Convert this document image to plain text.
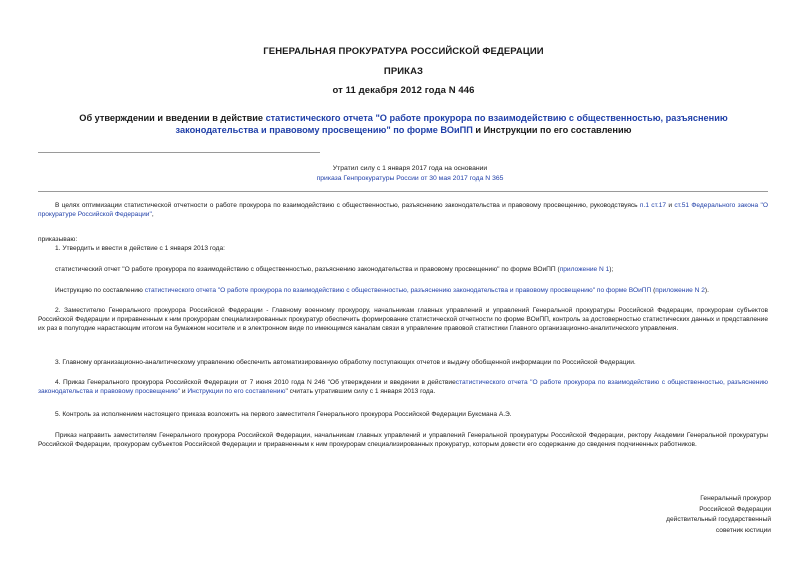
ГЕНЕРАЛЬНАЯ ПРОКУРАТУРА РОССИЙСКОЙ ФЕДЕРАЦИИ
ПРИКАЗ
от 11 декабря 2012 года N 446
Об утверждении и введении в действие статистического отчета "О работе прокурора по взаимодействию с общественностью, разъяснению законодательства и правовому просвещению" по форме ВОиПП и Инструкции по его составлению
Утратил силу с 1 января 2017 года на основании
приказа Генпрокуратуры России от 30 мая 2017 года N 365
В целях оптимизации статистической отчетности о работе прокурора по взаимодействию с общественностью, разъяснению законодательства и правовому просвещению, руководствуясь п.1 ст.17 и ст.51 Федерального закона "О прокуратуре Российской Федерации",
приказываю:
1. Утвердить и ввести в действие с 1 января 2013 года:
статистический отчет "О работе прокурора по взаимодействию с общественностью, разъяснению законодательства и правовому просвещению" по форме ВОиПП (приложение N 1);
Инструкцию по составлению статистического отчета "О работе прокурора по взаимодействию с общественностью, разъяснению законодательства и правовому просвещению" по форме ВОиПП (приложение N 2).
2. Заместителю Генерального прокурора Российской Федерации - Главному военному прокурору, начальникам главных управлений и управлений Генеральной прокуратуры Российской Федерации, прокурорам субъектов Российской Федерации и приравненным к ним прокурорам специализированных прокуратур обеспечить формирование статистической отчетности по форме ВОиПП, контроль за достоверностью статистических данных и представление их раз в полугодие нарастающим итогом на бумажном носителе и в электронном виде по имеющимся каналам связи в управление правовой статистики Главного организационно-аналитического управления.
3. Главному организационно-аналитическому управлению обеспечить автоматизированную обработку поступающих отчетов и выдачу обобщенной информации по Российской Федерации.
4. Приказ Генерального прокурора Российской Федерации от 7 июня 2010 года N 246 "Об утверждении и введении в действиестатистического отчета "О работе прокурора по взаимодействию с общественностью, разъяснению законодательства и правовому просвещению" и Инструкции по его составлению" считать утратившим силу с 1 января 2013 года.
5. Контроль за исполнением настоящего приказа возложить на первого заместителя Генерального прокурора Российской Федерации Буксмана А.Э.
Приказ направить заместителям Генерального прокурора Российской Федерации, начальникам главных управлений и управлений Генеральной прокуратуры Российской Федерации, ректору Академии Генеральной прокуратуры Российской Федерации, прокурорам субъектов Российской Федерации и приравненным к ним прокурорам специализированных прокуратур, которым довести его содержание до сведения подчиненных работников.
Генеральный прокурор
Российской Федерации
действительный государственный
советник юстиции
